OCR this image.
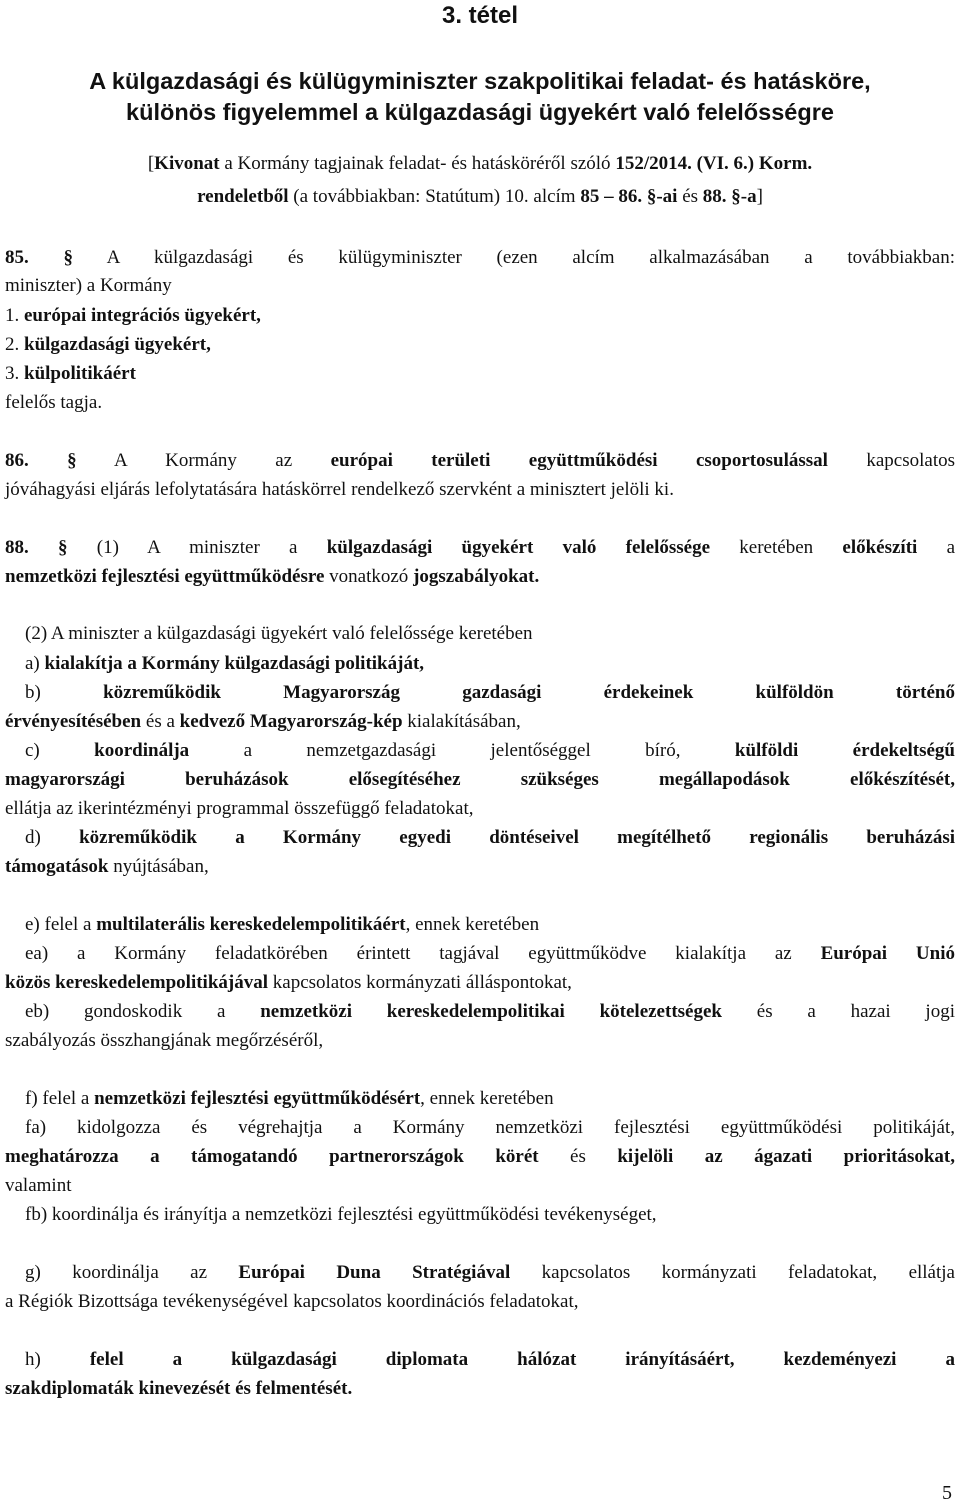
3. tétel
A külgazdasági és külügyminiszter szakpolitikai feladat- és hatásköre,
különös figyelemmel a külgazdasági ügyekért való felelősségre
[Kivonat a Kormány tagjainak feladat- és hatásköréről szóló 152/2014. (VI. 6.) Korm.
rendeletből (a továbbiakban: Statútum) 10. alcím 85 – 86. §-ai és 88. §-a]
85. § A külgazdasági és külügyminiszter (ezen alcím alkalmazásában a továbbiakban:
miniszter) a Kormány
1. európai integrációs ügyekért,
2. külgazdasági ügyekért,
3. külpolitikáért
felelős tagja.
86. § A Kormány az európai területi együttműködési csoportosulással kapcsolatos
jóváhagyási eljárás lefolytatására hatáskörrel rendelkező szervként a minisztert jelöli ki.
88. § (1) A miniszter a külgazdasági ügyekért való felelőssége keretében előkészíti a
nemzetközi fejlesztési együttműködésre vonatkozó jogszabályokat.
(2) A miniszter a külgazdasági ügyekért való felelőssége keretében
a) kialakítja a Kormány külgazdasági politikáját,
b) közreműködik Magyarország gazdasági érdekeinek külföldön történő
érvényesítésében és a kedvező Magyarország-kép kialakításában,
c) koordinálja a nemzetgazdasági jelentőséggel bíró, külföldi érdekeltségű
magyarországi beruházások elősegítéséhez szükséges megállapodások előkészítését,
ellátja az ikerintézményi programmal összefüggő feladatokat,
d) közreműködik a Kormány egyedi döntéseivel megítélhető regionális beruházási
támogatások nyújtásában,
e) felel a multilaterális kereskedelempolitikáért, ennek keretében
ea) a Kormány feladatkörében érintett tagjával együttműködve kialakítja az Európai Unió
közös kereskedelempolitikájával kapcsolatos kormányzati álláspontokat,
eb) gondoskodik a nemzetközi kereskedelempolitikai kötelezettségek és a hazai jogi
szabályozás összhangjának megőrzéséről,
f) felel a nemzetközi fejlesztési együttműködésért, ennek keretében
fa) kidolgozza és végrehajtja a Kormány nemzetközi fejlesztési együttműködési politikáját,
meghatározza a támogatandó partnerországok körét és kijelöli az ágazati prioritásokat,
valamint
fb) koordinálja és irányítja a nemzetközi fejlesztési együttműködési tevékenységet,
g) koordinálja az Európai Duna Stratégiával kapcsolatos kormányzati feladatokat, ellátja
a Régiók Bizottsága tevékenységével kapcsolatos koordinációs feladatokat,
h) felel a külgazdasági diplomata hálózat irányításáért, kezdeményezi a
szakdiplomaták kinevezését és felmentését.
5
